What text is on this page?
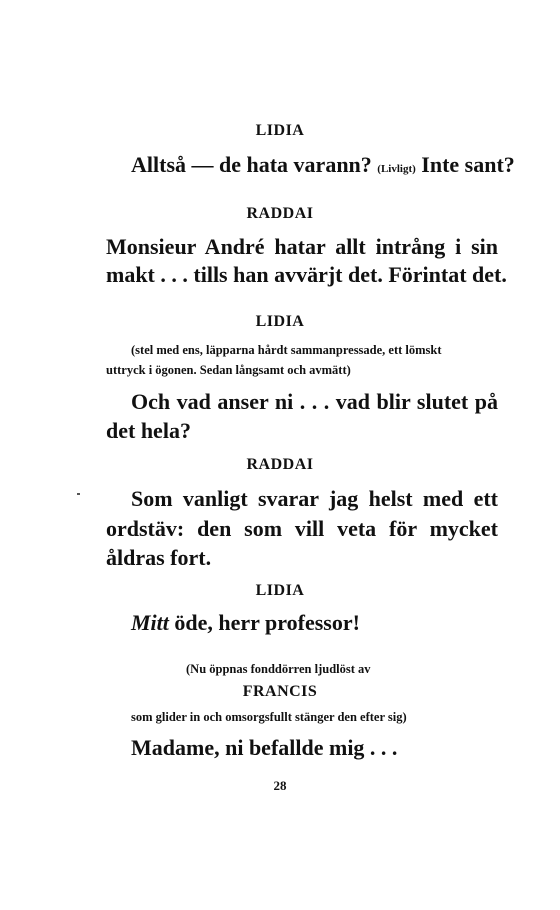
LIDIA
Alltså — de hata varann? (Livligt) Inte sant?
RADDAI
Monsieur André hatar allt intrång i sin
makt . . . tills han avvärjt det. Förintat det.
LIDIA
(stel med ens, läpparna hårdt sammanpressade, ett lömskt
uttryck i ögonen. Sedan långsamt och avmätt)
Och vad anser ni . . . vad blir slutet på
det hela?
RADDAI
Som vanligt svarar jag helst med ett
ordstäv: den som vill veta för mycket
åldras fort.
LIDIA
Mitt öde, herr professor!
(Nu öppnas fonddörren ljudlöst av
FRANCIS
som glider in och omsorgsfullt stänger den efter sig)
Madame, ni befallde mig . . .
28
